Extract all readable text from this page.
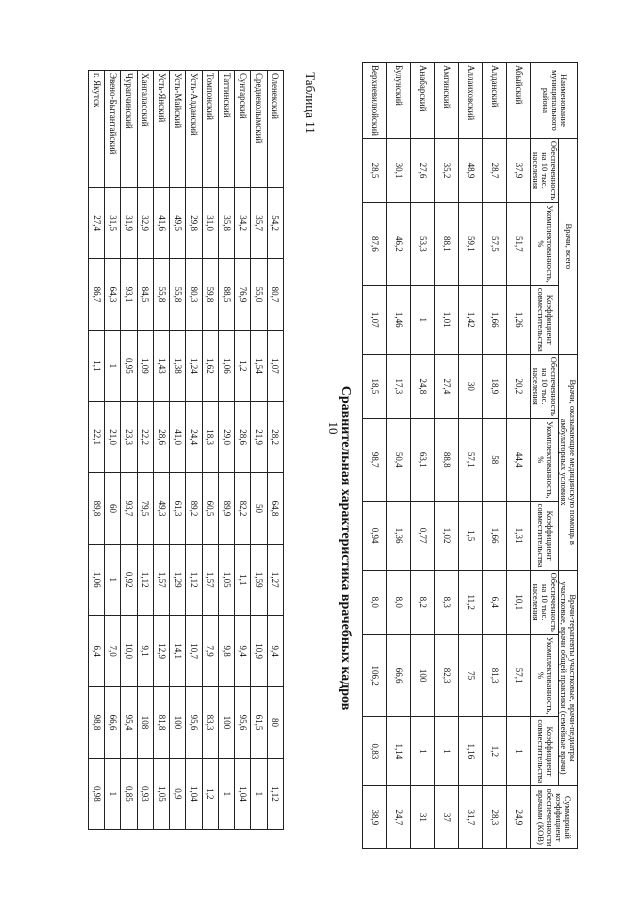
10
Таблица 11
Сравнительная характеристика врачебных кадров
Оленекский	54,2	80,7	1,07	28,2	64,8	1,27	9,4	80	1,12
Среднеколымский	35,7	55,0	1,54	21,9	50	1,59	10,9	61,5	1
Сунтарский	34,2	76,9	1,2	28,6	82,2	1,1	9,4	95,6	1,04
Таттинский	35,8	88,5	1,06	29,0	89,9	1,05	9,8	100	1
Томпонский	31,0	59,8	1,62	18,3	60,5	1,57	7,9	83,3	1,2
Усть-Алданский	29,8	80,3	1,24	24,4	89,2	1,12	10,7	95,6	1,04
Усть-Майский	49,5	55,8	1,38	41,0	61,3	1,29	14,1	100	0,9
Усть-Янский	41,6	55,8	1,43	28,6	49,3	1,57	12,9	81,8	1,05
Хангаласский	32,9	84,5	1,09	22,2	79,5	1,12	9,1	108	0,93
Чурапчинский	31,9	93,1	0,95	23,3	93,7	0,92	10,0	95,4	0,85
Эвено-Бытантайский	31,5	64,3	1	21,0	60	1	7,0	66,6	1
г. Якутск	27,4	86,7	1,1	22,1	89,8	1,06	6,4	98,8	0,98
Наименование муниципального района	Врачи, всего			Врачи, оказывающие медицинскую помощь в амбулаторных условиях			Врачи-терапевты участковые, врачи-педиатры участковые, врачи общей практики (семейные врачи)			Суммарный коэффициент обеспеченности врачами (КОВ)
	Обеспеченность на 10 тыс. населения	Укомплектованность, %	Коэффициент совместительства	Обеспеченность на 10 тыс. населения	Укомплектованность, %	Коэффициент совместительства	Обеспеченность на 10 тыс. населения	Укомплектованность, %	Коэффициент совместительства	
Абыйский	37,9	51,7	1,26	20,2	44,4	1,31	10,1	57,1	1	24,9
Алданский	28,7	57,5	1,66	18,9	58	1,66	6,4	81,3	1,2	28,3
Аллаиховский	48,9	59,1	1,42	30	57,1	1,5	11,2	75	1,16	31,7
Амгинский	35,2	88,1	1,01	27,4	88,8	1,02	8,3	82,3	1	37
Анабарский	27,6	53,3	1	24,8	63,1	0,77	8,2	100	1	31
Булунский	30,1	46,2	1,46	17,3	50,4	1,36	8,0	66,6	1,14	24,7
Верхневилюйский	28,5	87,6	1,07	18,5	98,7	0,94	8,0	106,2	0,83	38,9
